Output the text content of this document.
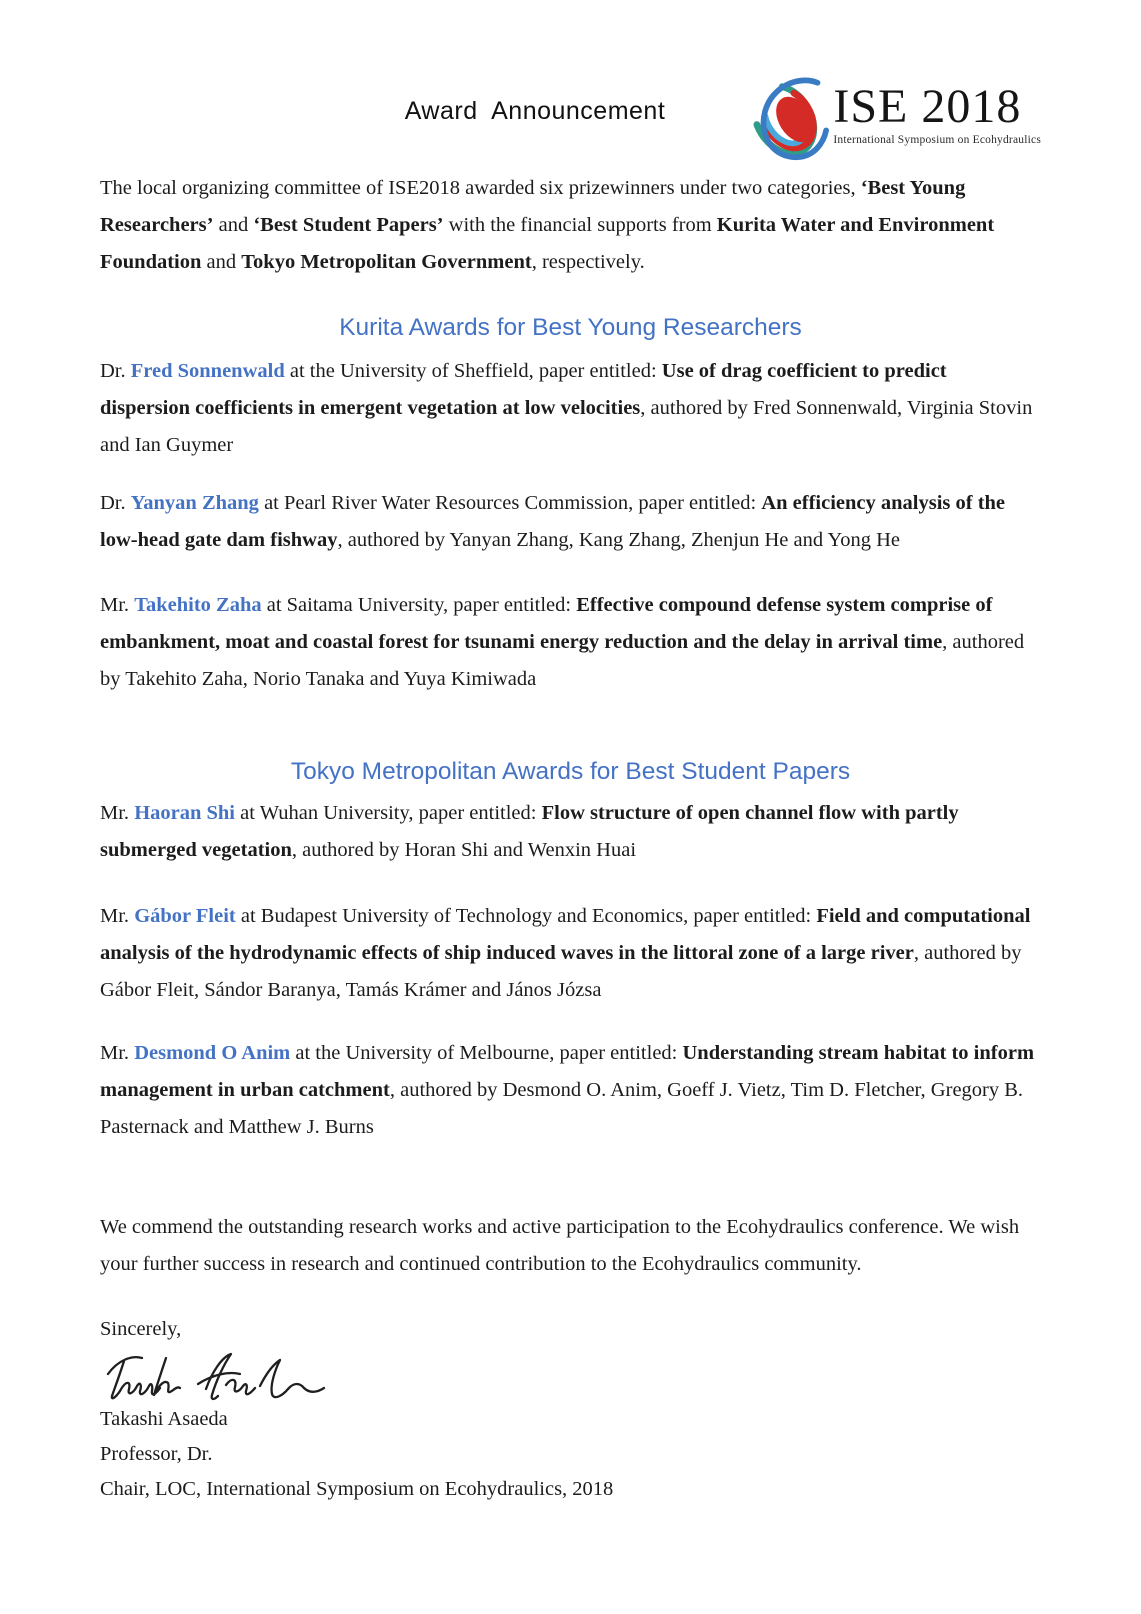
Award  Announcement	ISE 2018
International Symposium on Ecohydraulics

The local organizing committee of ISE2018 awarded six prizewinners under two categories, ‘Best Young Researchers’ and ‘Best Student Papers’ with the financial supports from Kurita Water and Environment Foundation and Tokyo Metropolitan Government, respectively.

Kurita Awards for Best Young Researchers

Dr. Fred Sonnenwald at the University of Sheffield, paper entitled: Use of drag coefficient to predict dispersion coefficients in emergent vegetation at low velocities, authored by Fred Sonnenwald, Virginia Stovin and Ian Guymer

Dr. Yanyan Zhang at Pearl River Water Resources Commission, paper entitled: An efficiency analysis of the low-head gate dam fishway, authored by Yanyan Zhang, Kang Zhang, Zhenjun He and Yong He

Mr. Takehito Zaha at Saitama University, paper entitled: Effective compound defense system comprise of embankment, moat and coastal forest for tsunami energy reduction and the delay in arrival time, authored by Takehito Zaha, Norio Tanaka and Yuya Kimiwada

Tokyo Metropolitan Awards for Best Student Papers

Mr. Haoran Shi at Wuhan University, paper entitled: Flow structure of open channel flow with partly submerged vegetation, authored by Horan Shi and Wenxin Huai

Mr. Gábor Fleit at Budapest University of Technology and Economics, paper entitled: Field and computational analysis of the hydrodynamic effects of ship induced waves in the littoral zone of a large river, authored by Gábor Fleit, Sándor Baranya, Tamás Krámer and János Józsa

Mr. Desmond O Anim at the University of Melbourne, paper entitled: Understanding stream habitat to inform management in urban catchment, authored by Desmond O. Anim, Goeff J. Vietz, Tim D. Fletcher, Gregory B. Pasternack and Matthew J. Burns

We commend the outstanding research works and active participation to the Ecohydraulics conference. We wish your further success in research and continued contribution to the Ecohydraulics community.

Sincerely,

Takashi Asaeda

Professor, Dr.

Chair, LOC, International Symposium on Ecohydraulics, 2018
